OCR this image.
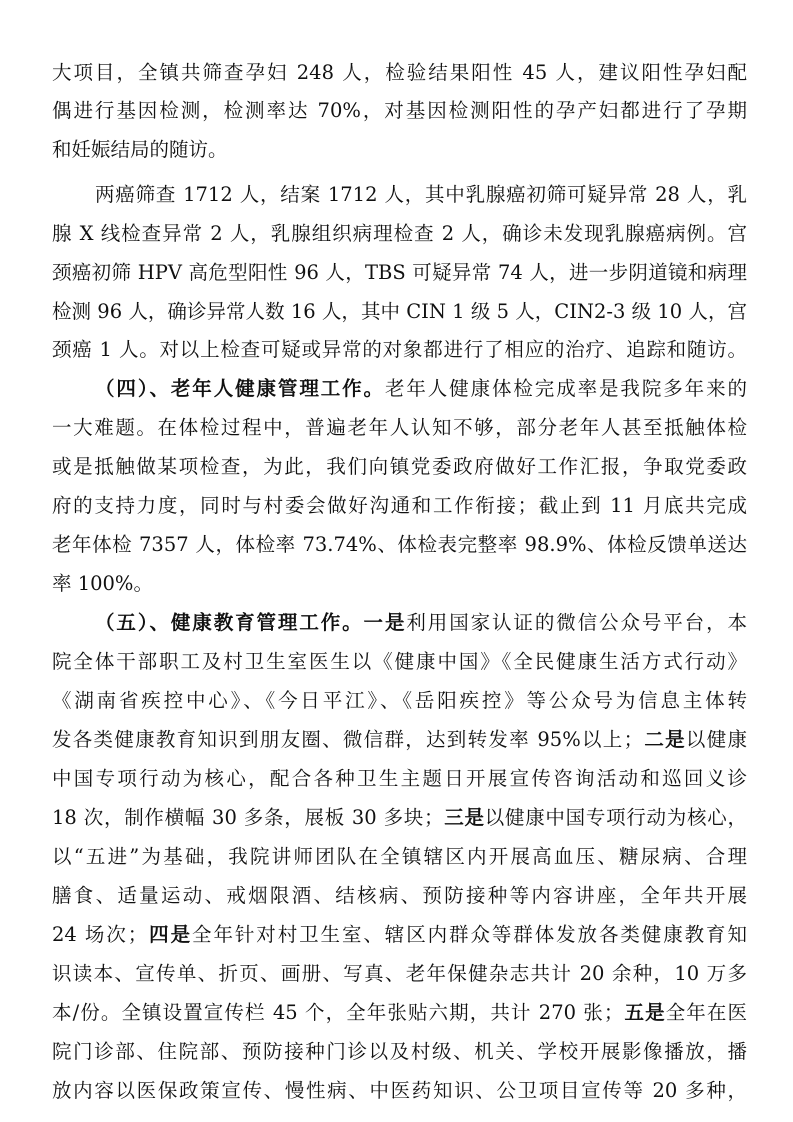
大项目，全镇共筛查孕妇 248 人，检验结果阳性 45 人，建议阳性孕妇配
偶进行基因检测，检测率达 70%，对基因检测阳性的孕产妇都进行了孕期
和妊娠结局的随访。
两癌筛查 1712 人，结案 1712 人，其中乳腺癌初筛可疑异常 28 人，乳
腺 X 线检查异常 2 人，乳腺组织病理检查 2 人，确诊未发现乳腺癌病例。宫
颈癌初筛 HPV 高危型阳性 96 人，TBS 可疑异常 74 人，进一步阴道镜和病理
检测 96 人，确诊异常人数 16 人，其中 CIN 1 级 5 人，CIN2-3 级 10 人，宫
颈癌 1 人。对以上检查可疑或异常的对象都进行了相应的治疗、追踪和随访。
（四）、老年人健康管理工作。老年人健康体检完成率是我院多年来的
一大难题。在体检过程中，普遍老年人认知不够，部分老年人甚至抵触体检
或是抵触做某项检查，为此，我们向镇党委政府做好工作汇报，争取党委政
府的支持力度，同时与村委会做好沟通和工作衔接；截止到 11 月底共完成
老年体检 7357 人，体检率 73.74%、体检表完整率 98.9%、体检反馈单送达
率 100%。
（五）、健康教育管理工作。一是利用国家认证的微信公众号平台，本
院全体干部职工及村卫生室医生以《健康中国》《全民健康生活方式行动》
《湖南省疾控中心》、《今日平江》、《岳阳疾控》等公众号为信息主体转
发各类健康教育知识到朋友圈、微信群，达到转发率 95%以上；二是以健康
中国专项行动为核心，配合各种卫生主题日开展宣传咨询活动和巡回义诊
18 次，制作横幅 30 多条，展板 30 多块；三是以健康中国专项行动为核心，
以“五进”为基础，我院讲师团队在全镇辖区内开展高血压、糖尿病、合理
膳食、适量运动、戒烟限酒、结核病、预防接种等内容讲座，全年共开展
24 场次；四是全年针对村卫生室、辖区内群众等群体发放各类健康教育知
识读本、宣传单、折页、画册、写真、老年保健杂志共计 20 余种，10 万多
本/份。全镇设置宣传栏 45 个，全年张贴六期，共计 270 张；五是全年在医
院门诊部、住院部、预防接种门诊以及村级、机关、学校开展影像播放，播
放内容以医保政策宣传、慢性病、中医药知识、公卫项目宣传等 20 多种，
